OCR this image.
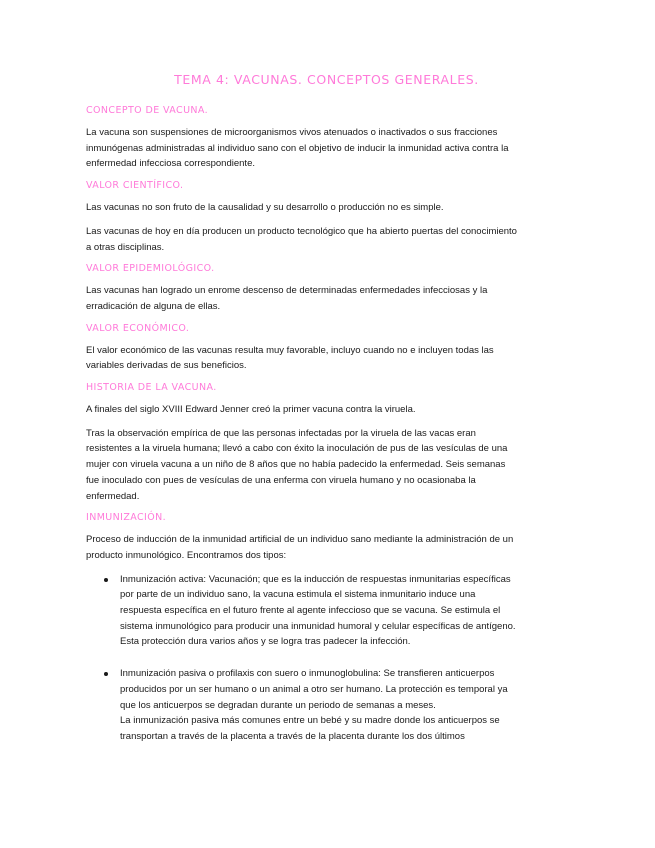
TEMA 4: VACUNAS. CONCEPTOS GENERALES.
CONCEPTO DE VACUNA.

La vacuna son suspensiones de microorganismos vivos atenuados o inactivados o sus fracciones inmunógenas administradas al individuo sano con el objetivo de inducir la inmunidad activa contra la enfermedad infecciosa correspondiente.

VALOR CIENTÍFICO.

Las vacunas no son fruto de la causalidad y su desarrollo o producción no es simple.

Las vacunas de hoy en día producen un producto tecnológico que ha abierto puertas del conocimiento a otras disciplinas.

VALOR EPIDEMIOLÓGICO.

Las vacunas han logrado un enrome descenso de determinadas enfermedades infecciosas y la erradicación de alguna de ellas.

VALOR ECONÓMICO.

El valor económico de las vacunas resulta muy favorable, incluyo cuando no e incluyen todas las variables derivadas de sus beneficios.

HISTORIA DE LA VACUNA.

A finales del siglo XVIII Edward Jenner creó la primer vacuna contra la viruela.

Tras la observación empírica de que las personas infectadas por la viruela de las vacas eran resistentes a la viruela humana; llevó a cabo con éxito la inoculación de pus de las vesículas de una mujer con viruela vacuna a un niño de 8 años que no había padecido la enfermedad. Seis semanas fue inoculado con pues de vesículas de una enferma con viruela humano y no ocasionaba la enfermedad.

INMUNIZACIÓN.

Proceso de inducción de la inmunidad artificial de un individuo sano mediante la administración de un producto inmunológico. Encontramos dos tipos:

Inmunización activa: Vacunación; que es la inducción de respuestas inmunitarias específicas por parte de un individuo sano, la vacuna estimula el sistema inmunitario induce una respuesta específica en el futuro frente al agente infeccioso que se vacuna. Se estimula el sistema inmunológico para producir una inmunidad humoral y celular específicas de antígeno. Esta protección dura varios años y se logra tras padecer la infección.
Inmunización pasiva o profilaxis con suero o inmunoglobulina: Se transfieren anticuerpos producidos por un ser humano o un animal a otro ser humano. La protección es temporal ya que los anticuerpos se degradan durante un periodo de semanas a meses.
La inmunización pasiva más comunes entre un bebé y su madre donde los anticuerpos se transportan a través de la placenta a través de la placenta durante los dos últimos
